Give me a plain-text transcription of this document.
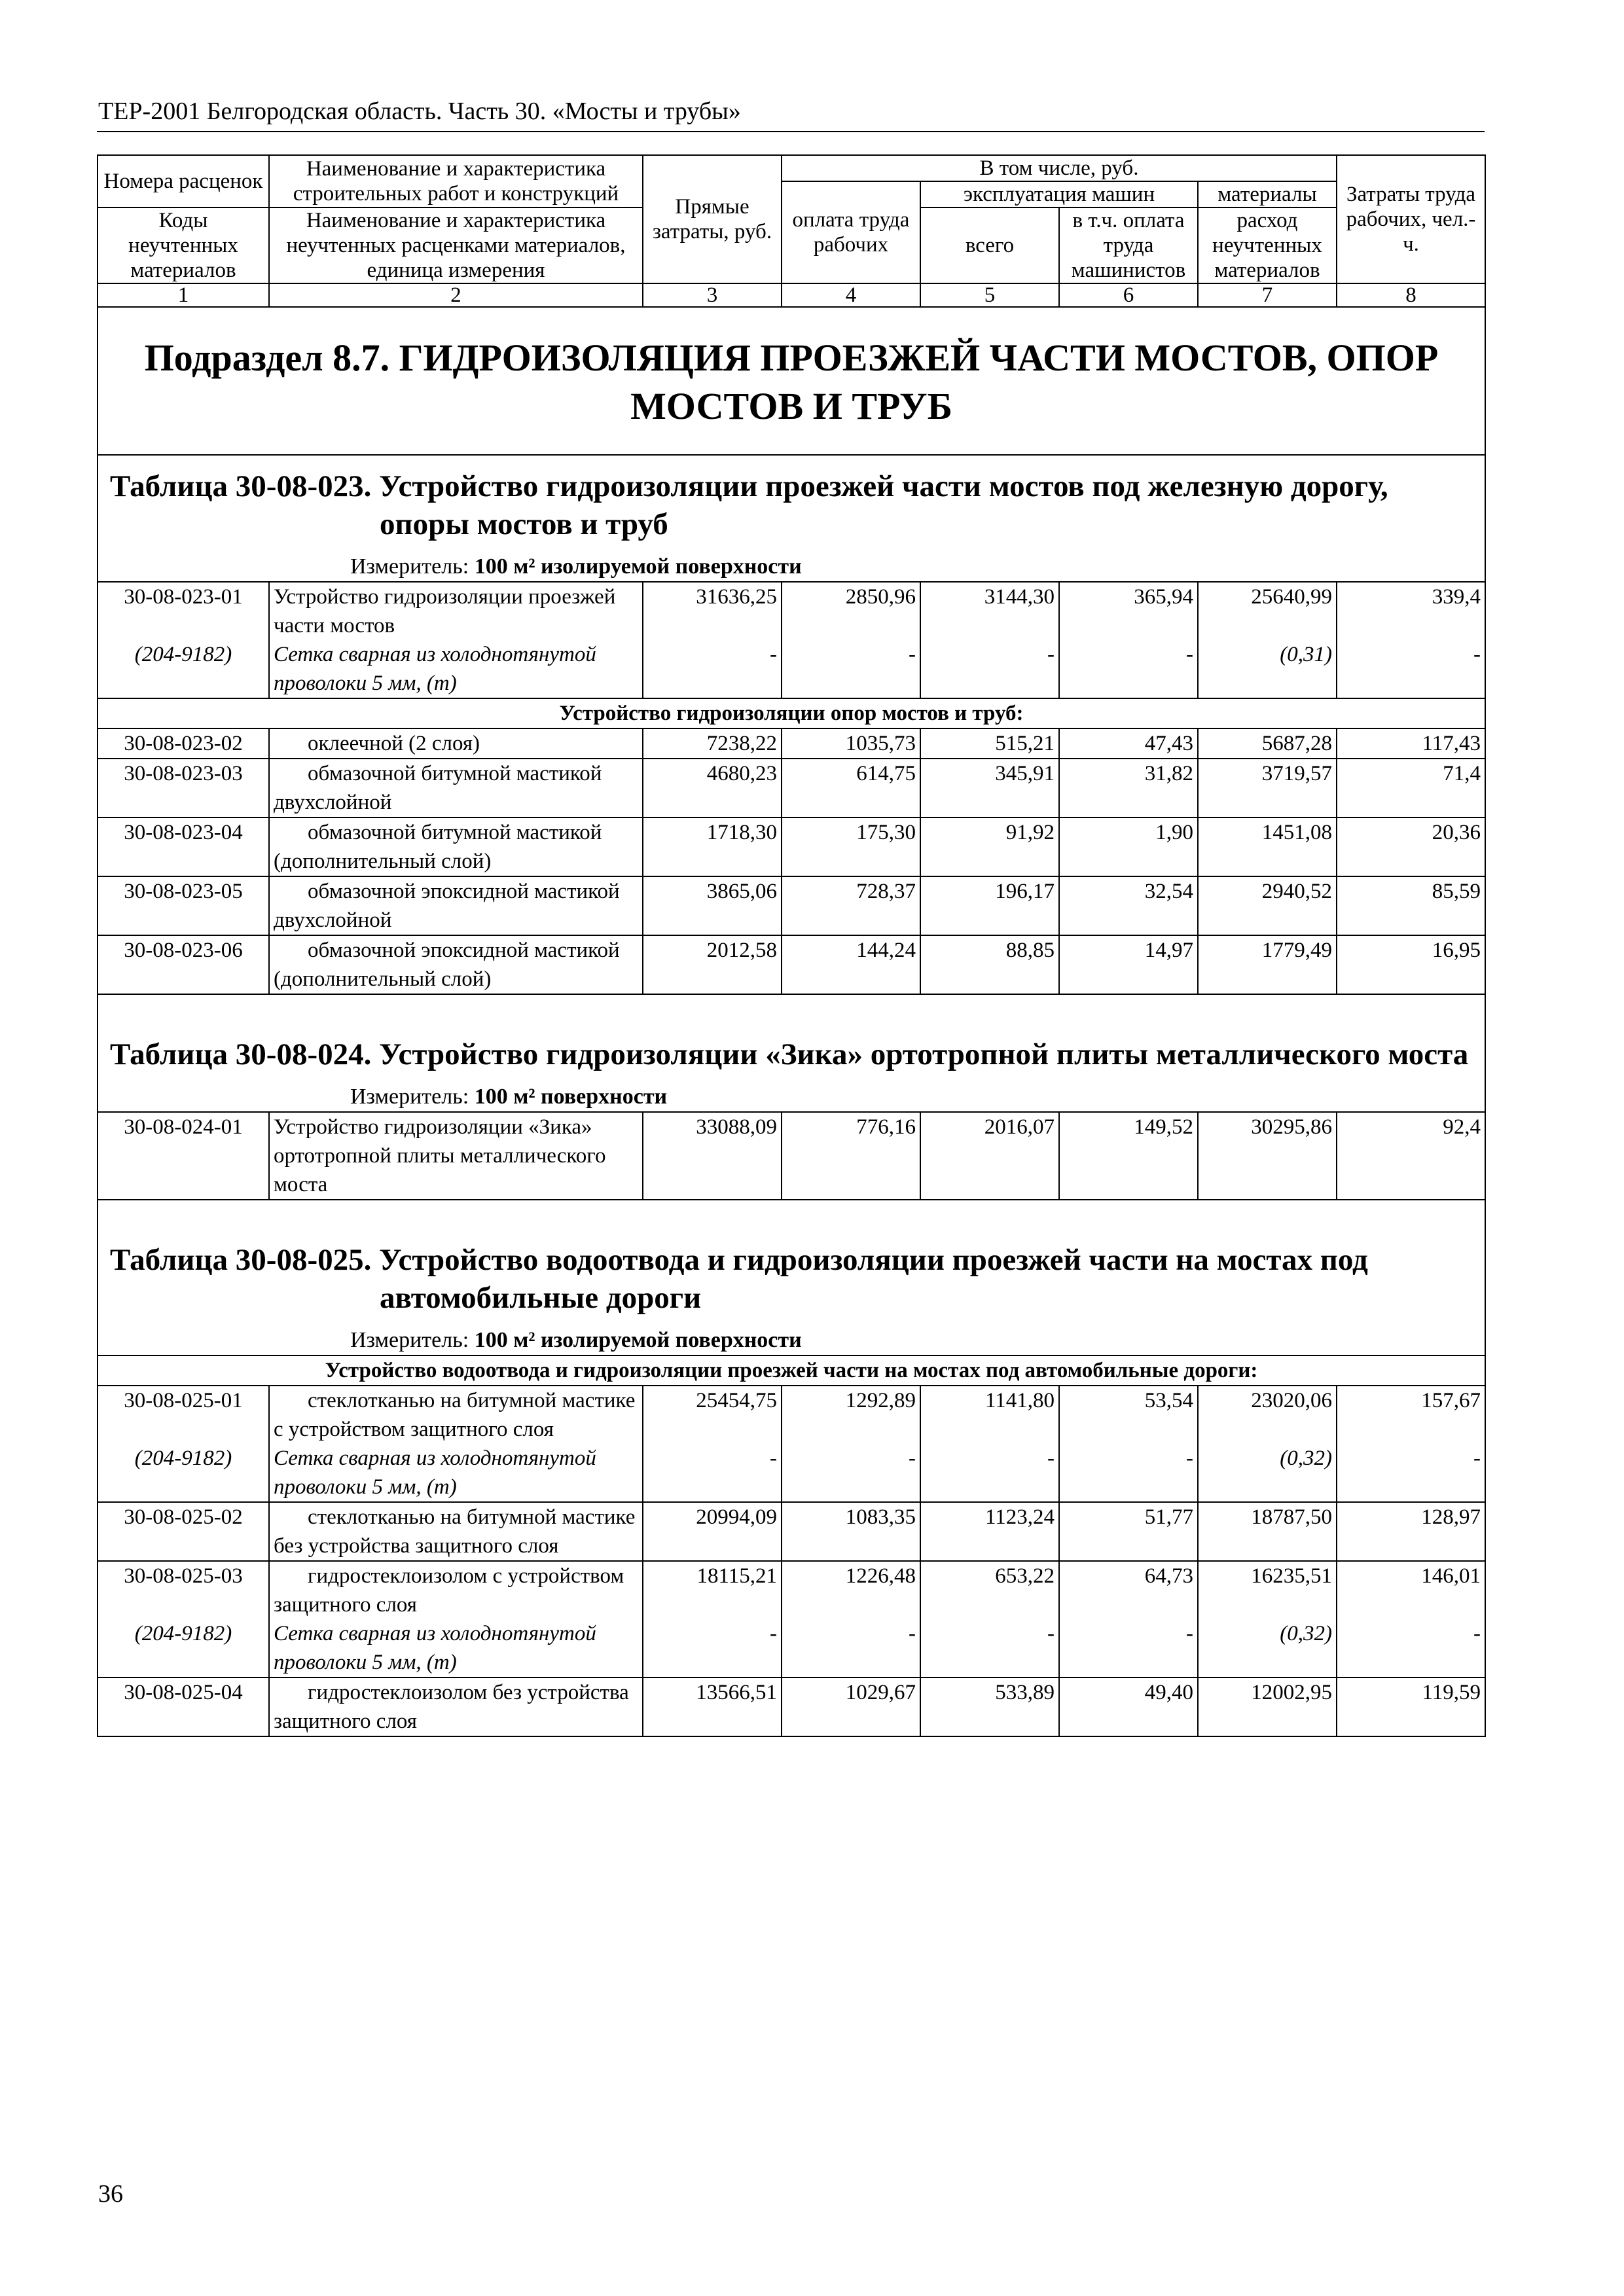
ТЕР-2001 Белгородская область. Часть 30. «Мосты и трубы»
Номера расценок	Наименование и характеристика строительных работ и конструкций	Прямые затраты, руб.	В том числе, руб.				Затраты труда рабочих, чел.-ч.
			оплата труда рабочих	эксплуатация машин		материалы	
Коды неучтенных материалов	Наименование и характеристика неучтенных расценками материалов, единица измерения			всего	в т.ч. оплата труда машинистов	расход неучтенных материалов	

1	2	3	4	5	6	7	8

Подраздел 8.7. ГИДРОИЗОЛЯЦИЯ ПРОЕЗЖЕЙ ЧАСТИ МОСТОВ, ОПОР МОСТОВ И ТРУБ							

Таблица 30-08-023. Устройство гидроизоляции проезжей части мостов под железную дорогу, опоры мостов и труб							

Измеритель: 100 м² изолируемой поверхности							
30-08-023-01	Устройство гидроизоляции проезжей части мостов	31636,25	2850,96	3144,30	365,94	25640,99	339,4
(204-9182)	Сетка сварная из холоднотянутой проволоки 5 мм, (т)	-	-	-	-	(0,31)	-
Устройство гидроизоляции опор мостов и труб:							
30-08-023-02	оклеечной (2 слоя)	7238,22	1035,73	515,21	47,43	5687,28	117,43
30-08-023-03	обмазочной битумной мастикой двухслойной	4680,23	614,75	345,91	31,82	3719,57	71,4
30-08-023-04	обмазочной битумной мастикой (дополнительный слой)	1718,30	175,30	91,92	1,90	1451,08	20,36
30-08-023-05	обмазочной эпоксидной мастикой двухслойной	3865,06	728,37	196,17	32,54	2940,52	85,59
30-08-023-06	обмазочной эпоксидной мастикой (дополнительный слой)	2012,58	144,24	88,85	14,97	1779,49	16,95

Таблица 30-08-024. Устройство гидроизоляции «Зика» ортотропной плиты металлического моста							

Измеритель: 100 м² поверхности							
30-08-024-01	Устройство гидроизоляции «Зика» ортотропной плиты металлического моста	33088,09	776,16	2016,07	149,52	30295,86	92,4

Таблица 30-08-025. Устройство водоотвода и гидроизоляции проезжей части на мостах под автомобильные дороги							

Измеритель: 100 м² изолируемой поверхности							
Устройство водоотвода и гидроизоляции проезжей части на мостах под автомобильные дороги:							
30-08-025-01	стеклотканью на битумной мастике с устройством защитного слоя	25454,75	1292,89	1141,80	53,54	23020,06	157,67
(204-9182)	Сетка сварная из холоднотянутой проволоки 5 мм, (т)	-	-	-	-	(0,32)	-
30-08-025-02	стеклотканью на битумной мастике без устройства защитного слоя	20994,09	1083,35	1123,24	51,77	18787,50	128,97
30-08-025-03	гидростеклоизолом с устройством защитного слоя	18115,21	1226,48	653,22	64,73	16235,51	146,01
(204-9182)	Сетка сварная из холоднотянутой проволоки 5 мм, (т)	-	-	-	-	(0,32)	-
30-08-025-04	гидростеклоизолом без устройства защитного слоя	13566,51	1029,67	533,89	49,40	12002,95	119,59
36
